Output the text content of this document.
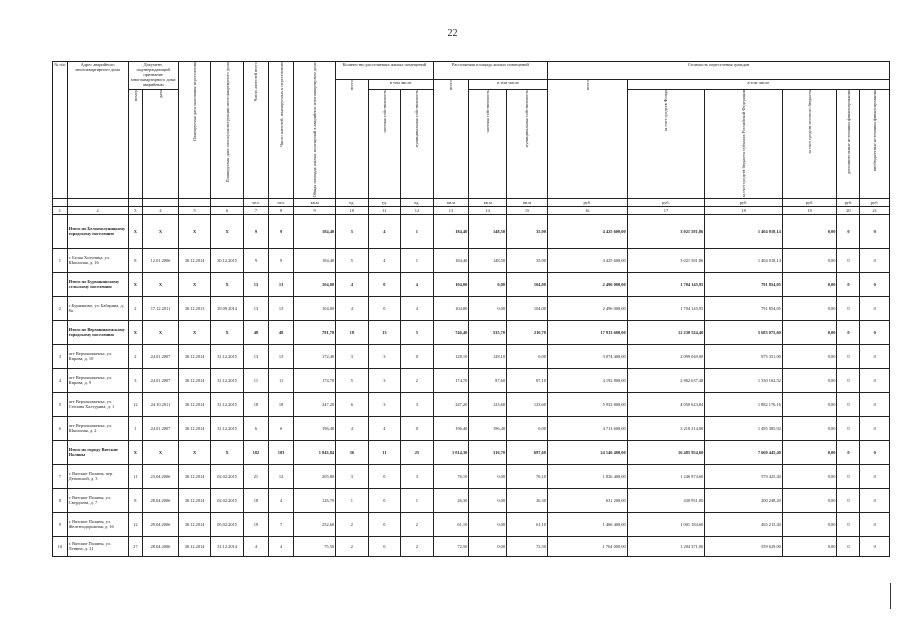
22
№ п/п	Адрес аварийного многоквартирного дома	Документ, подтверждающий признание многоквартирного дома аварийным		Планируемая дата окончания переселения	Планируемая дата сноса/реконструкции многоквартирного дома	Число жителей всего	Число жителей, планируемых к переселению	Общая площадь жилых помещений в аварийном многоквартирном доме	Количество расселяемых жилых помещений			Расселяемая площадь жилых помещений			Стоимость переселения граждан					

									всего	в том числе		всего	в том числе		всего	в том числе				

		номер	дата							частная собственность	муниципальная собственность		частная собственность	муниципальная собственность		за счет средств Фонда	за счет средств бюджета субъекта Российской Федерации	за счет средств местного бюджета	дополнительные источники финансирования	внебюджетные источники финансирования

						чел.	чел.	кв.м	ед.	ед.	ед.	кв.м	кв.м	кв.м	руб.	руб.	руб.	руб.	руб.	руб.
1	2	3	4	5	6	7	8	9	10	11	12	13	14	15	16	17	18	19	20	21
	Итого по Белоохолуницкому городскому поселению	X	X	X	X	9	9	184,40	5	4	1	184,40	148,50	35,90	4 425 600,00	3 021 581,86	1 404 018,14	0,00	0	0
1	г. Белая Холуница, ул. Школьная, д. 16	8	12.01.2006	30.12.2014	30.12.2015	9	9	184,40	5	4	1	184,40	148,50	35,90	4 425 600,00	3 021 581,86	1 404 018,14	0,00	0	0
	Итого по Бурмакинскому сельскому поселению	X	X	X	X	13	13	104,00	4	0	4	104,00	0,00	104,00	2 496 000,00	1 704 145,95	791 854,05	0,00	0	0
2	с.Бурмакино, ул. Бабарина, д. 8а	2	17.12.2011	30.12.2013	29.09.2014	13	13	104,00	4	0	4	104,00	0,00	104,00	2 496 000,00	1 704 145,95	791 854,05	0,00	0	0
	Итого по Верхошижемскому городскому поселению	X	X	X	X	48	48	791,70	18	13	5	746,40	535,70	210,70	17 913 600,00	12 230 524,40	5 683 075,60	0,00	0	0
3	пгт Верхошижемье, ул. Кирова, д. 10	2	24.01.2007	30.12.2014	31.12.2015	13	13	172,40	3	3	0	128,10	128,10	0,00	3 074 400,00	2 099 049,00	975 351,00	0,00	0	0
4	пгт Верхошижемье, ул. Кирова, д. 9	3	24.01.2007	30.12.2014	31.12.2015	11	11	174,70	5	3	2	174,70	87,60	87,10	4 192 800,00	2 862 637,48	1 330 162,52	0,00	0	0
5	пгт Верхошижемье, ул. Степана Халтурина, д. 1	12	24.10.2011	30.12.2014	31.12.2015	18	18	247,20	6	3	3	247,20	123,60	123,60	5 932 800,00	4 050 623,84	1 882 176,16	0,00	0	0
6	пгт Верхошижемье, ул. Школьная, д. 2	1	24.01.2007	30.12.2014	31.12.2015	6	6	196,40	4	4	0	196,40	196,40	0,00	4 713 600,00	3 218 214,08	1 495 385,92	0,00	0	0
	Итого по городу Вятские Поляны	X	X	X	X	182	103	1 843,84	36	11	25	1 014,30	316,70	697,60	24 146 400,00	16 485 954,60	7 660 445,40	0,00	0	0
7	г. Вятские Поляны, пер. Деповской, д. 3	11	23.04.2006	30.12.2014	02.02.2015	21	12	205,80	3	0	3	76,10	0,00	76,10	1 826 400,00	1 246 974,60	579 425,40	0,00	0	0
8	г. Вятские Поляны, ул. Свердлова, д. 7	8	28.04.2006	30.12.2014	02.02.2015	18	4	126,70	1	0	1	26,30	0,00	26,30	631 200,00	430 951,80	200 248,20	0,00	0	0
9	г. Вятские Поляны, ул. Железнодорожная, д. 16	12	29.04.2006	30.12.2014	05.02.2015	19	7	252,60	2	0	2	61,10	0,00	61,10	1 466 400,00	1 001 184,60	465 215,40	0,00	0	0
10	г. Вятские Поляны, ул. Ленина, д. 21	27	28.04.2006	30.12.2014	31.12.2014	4	4	75,50	2	0	2	72,50	0,00	72,50	1 764 000,00	1 204 371,00	559 629,00	0,00	0	0
